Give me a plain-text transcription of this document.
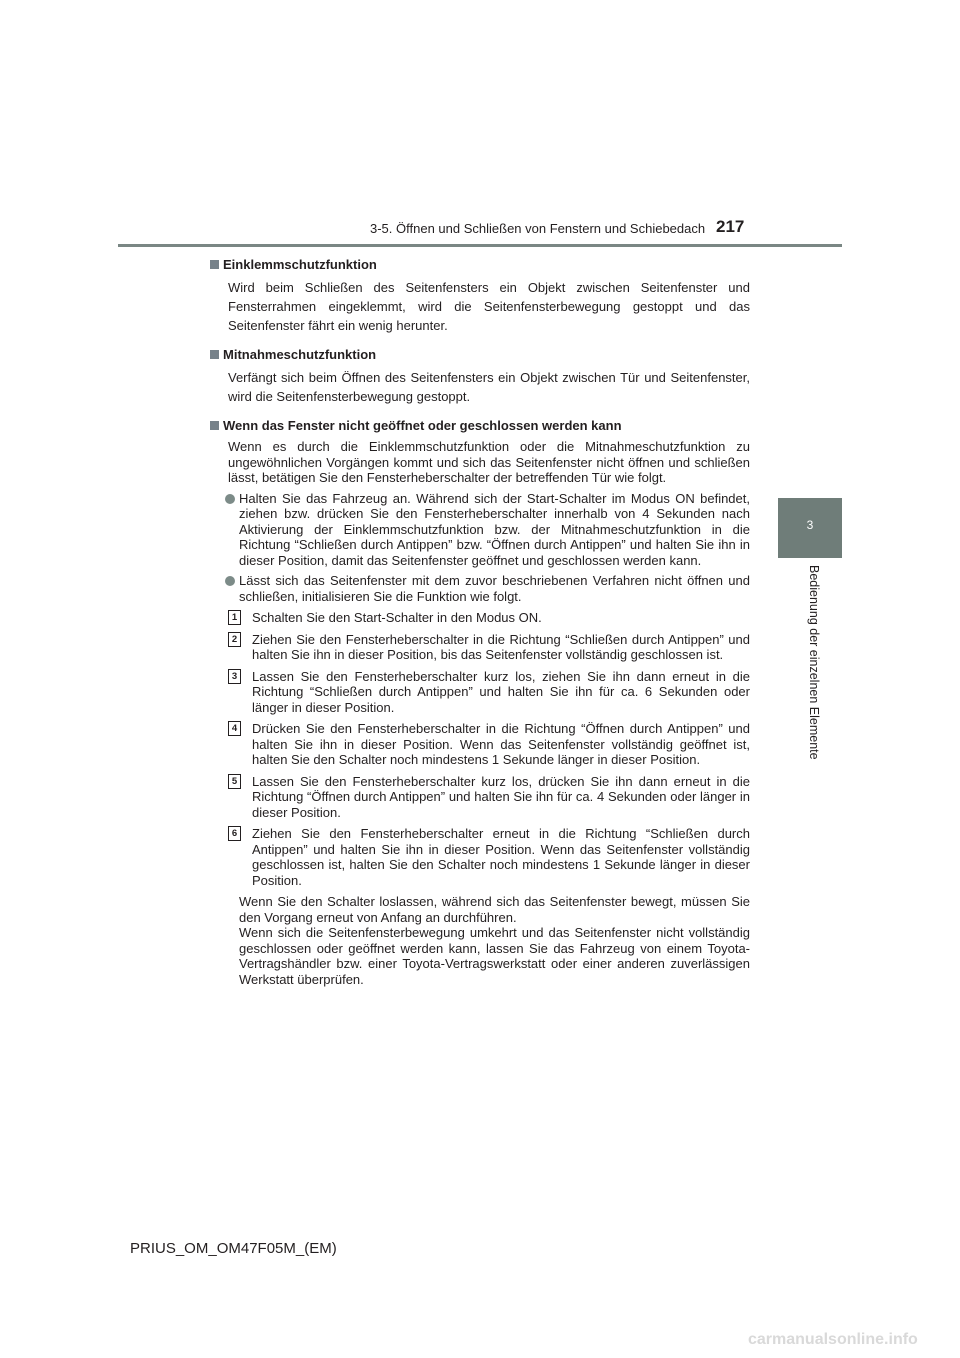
3-5. Öffnen und Schließen von Fenstern und Schiebedach 217
3
Bedienung der einzelnen Elemente
Einklemmschutzfunktion
Wird beim Schließen des Seitenfensters ein Objekt zwischen Seitenfenster und Fensterrahmen eingeklemmt, wird die Seitenfensterbewegung gestoppt und das Seitenfenster fährt ein wenig herunter.
Mitnahmeschutzfunktion
Verfängt sich beim Öffnen des Seitenfensters ein Objekt zwischen Tür und Seitenfenster, wird die Seitenfensterbewegung gestoppt.
Wenn das Fenster nicht geöffnet oder geschlossen werden kann
Wenn es durch die Einklemmschutzfunktion oder die Mitnahmeschutzfunktion zu ungewöhnlichen Vorgängen kommt und sich das Seitenfenster nicht öffnen und schließen lässt, betätigen Sie den Fensterheberschalter der betreffenden Tür wie folgt.
Halten Sie das Fahrzeug an. Während sich der Start-Schalter im Modus ON befindet, ziehen bzw. drücken Sie den Fensterheberschalter innerhalb von 4 Sekunden nach Aktivierung der Einklemmschutzfunktion bzw. der Mitnahmeschutzfunktion in die Richtung “Schließen durch Antippen” bzw. “Öffnen durch Antippen” und halten Sie ihn in dieser Position, damit das Seitenfenster geöffnet und geschlossen werden kann.
Lässt sich das Seitenfenster mit dem zuvor beschriebenen Verfahren nicht öffnen und schließen, initialisieren Sie die Funktion wie folgt.
1 Schalten Sie den Start-Schalter in den Modus ON.
2 Ziehen Sie den Fensterheberschalter in die Richtung “Schließen durch Antippen” und halten Sie ihn in dieser Position, bis das Seitenfenster vollständig geschlossen ist.
3 Lassen Sie den Fensterheberschalter kurz los, ziehen Sie ihn dann erneut in die Richtung “Schließen durch Antippen” und halten Sie ihn für ca. 6 Sekunden oder länger in dieser Position.
4 Drücken Sie den Fensterheberschalter in die Richtung “Öffnen durch Antippen” und halten Sie ihn in dieser Position. Wenn das Seitenfenster vollständig geöffnet ist, halten Sie den Schalter noch mindestens 1 Sekunde länger in dieser Position.
5 Lassen Sie den Fensterheberschalter kurz los, drücken Sie ihn dann erneut in die Richtung “Öffnen durch Antippen” und halten Sie ihn für ca. 4 Sekunden oder länger in dieser Position.
6 Ziehen Sie den Fensterheberschalter erneut in die Richtung “Schließen durch Antippen” und halten Sie ihn in dieser Position. Wenn das Seitenfenster vollständig geschlossen ist, halten Sie den Schalter noch mindestens 1 Sekunde länger in dieser Position.
Wenn Sie den Schalter loslassen, während sich das Seitenfenster bewegt, müssen Sie den Vorgang erneut von Anfang an durchführen.
Wenn sich die Seitenfensterbewegung umkehrt und das Seitenfenster nicht vollständig geschlossen oder geöffnet werden kann, lassen Sie das Fahrzeug von einem Toyota-Vertragshändler bzw. einer Toyota-Vertragswerkstatt oder einer anderen zuverlässigen Werkstatt überprüfen.
PRIUS_OM_OM47F05M_(EM)
carmanualsonline.info
